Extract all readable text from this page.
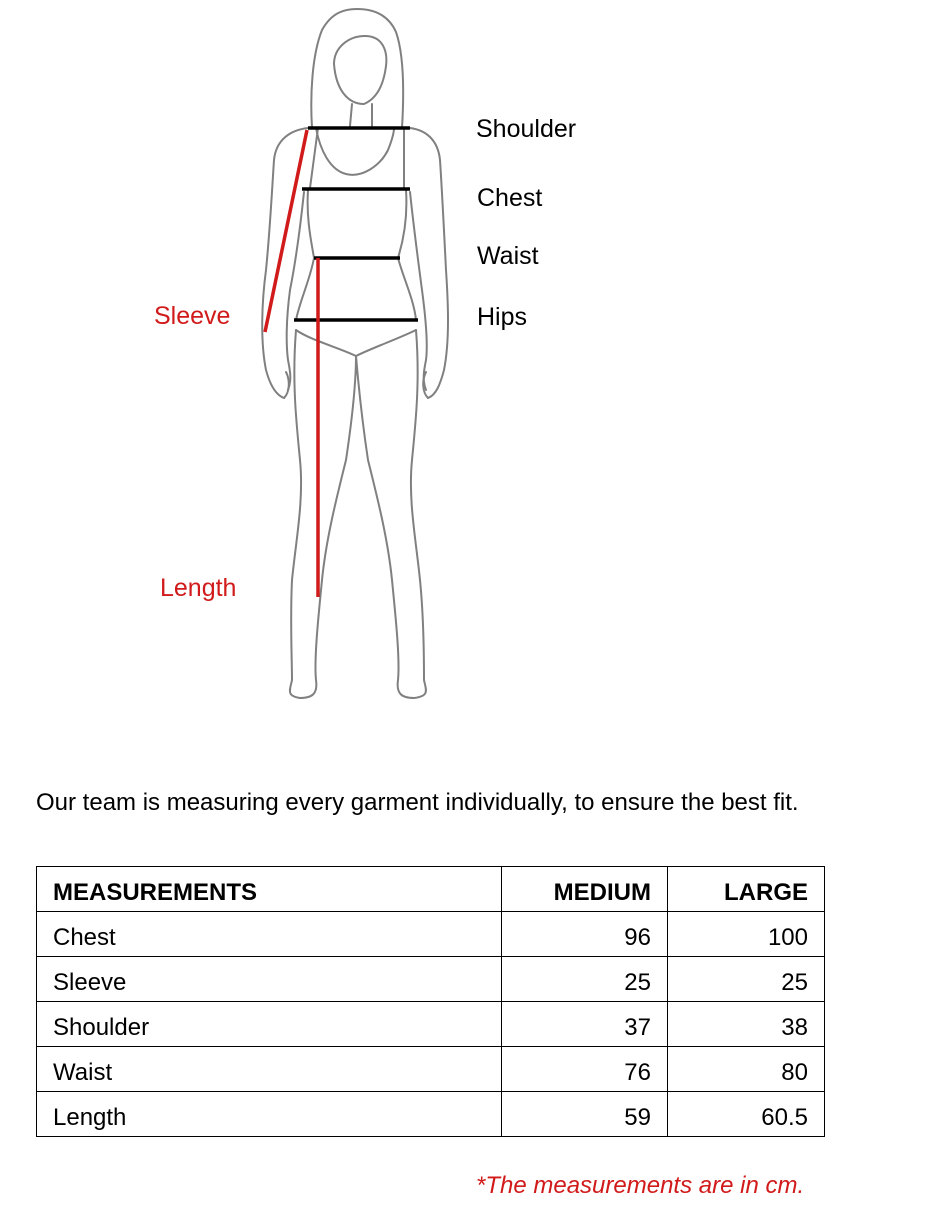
Shoulder
Chest
Waist
Hips
Sleeve
Length
Our team is measuring every garment individually, to ensure the best fit.
MEASUREMENTS	MEDIUM	LARGE
Chest	96	100
Sleeve	25	25
Shoulder	37	38
Waist	76	80
Length	59	60.5
*The measurements are in cm.
